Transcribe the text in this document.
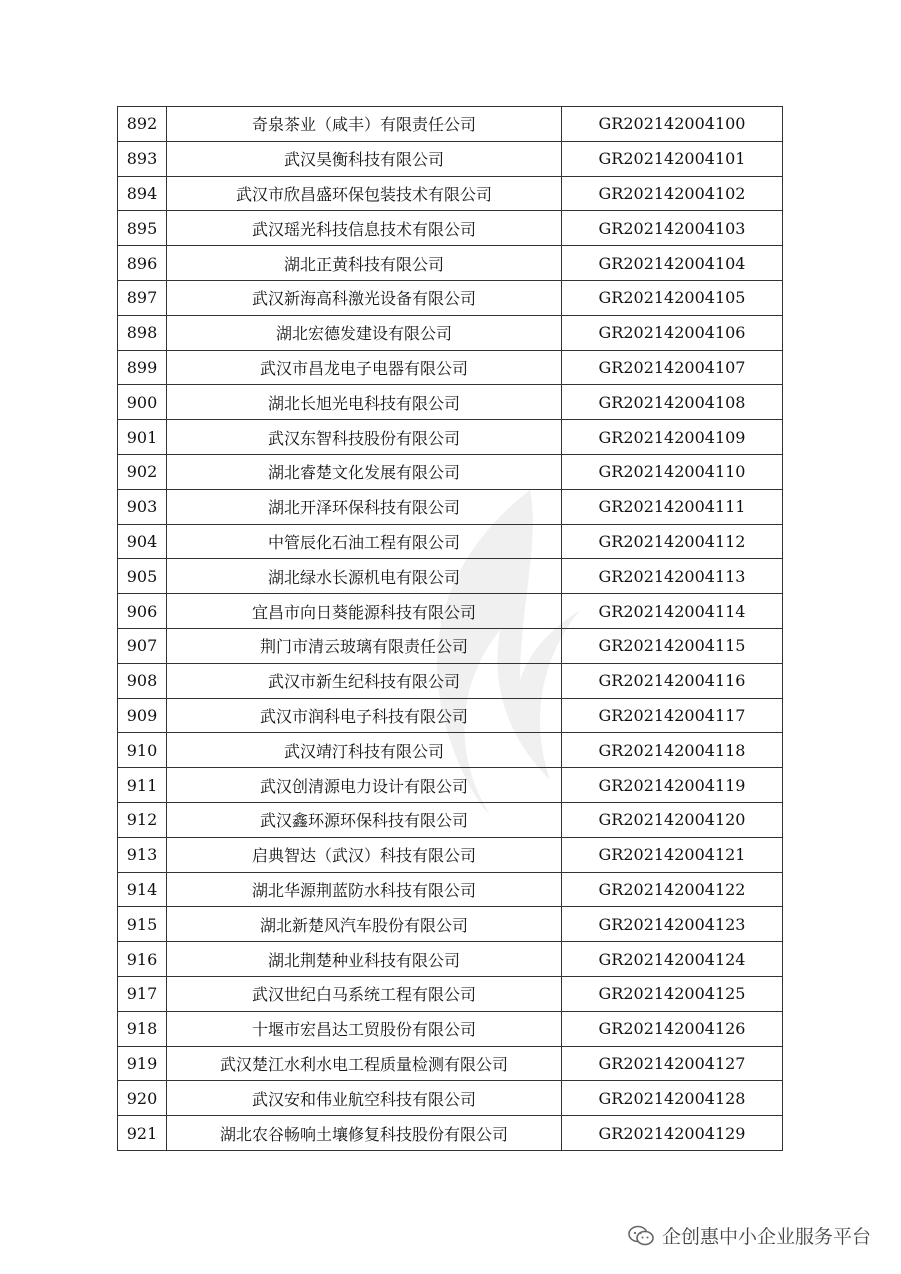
892	奇泉茶业（咸丰）有限责任公司	GR202142004100
893	武汉昊衡科技有限公司	GR202142004101
894	武汉市欣昌盛环保包装技术有限公司	GR202142004102
895	武汉瑶光科技信息技术有限公司	GR202142004103
896	湖北正黄科技有限公司	GR202142004104
897	武汉新海高科激光设备有限公司	GR202142004105
898	湖北宏德发建设有限公司	GR202142004106
899	武汉市昌龙电子电器有限公司	GR202142004107
900	湖北长旭光电科技有限公司	GR202142004108
901	武汉东智科技股份有限公司	GR202142004109
902	湖北睿楚文化发展有限公司	GR202142004110
903	湖北开泽环保科技有限公司	GR202142004111
904	中管辰化石油工程有限公司	GR202142004112
905	湖北绿水长源机电有限公司	GR202142004113
906	宜昌市向日葵能源科技有限公司	GR202142004114
907	荆门市清云玻璃有限责任公司	GR202142004115
908	武汉市新生纪科技有限公司	GR202142004116
909	武汉市润科电子科技有限公司	GR202142004117
910	武汉靖汀科技有限公司	GR202142004118
911	武汉创清源电力设计有限公司	GR202142004119
912	武汉鑫环源环保科技有限公司	GR202142004120
913	启典智达（武汉）科技有限公司	GR202142004121
914	湖北华源荆蓝防水科技有限公司	GR202142004122
915	湖北新楚风汽车股份有限公司	GR202142004123
916	湖北荆楚种业科技有限公司	GR202142004124
917	武汉世纪白马系统工程有限公司	GR202142004125
918	十堰市宏昌达工贸股份有限公司	GR202142004126
919	武汉楚江水利水电工程质量检测有限公司	GR202142004127
920	武汉安和伟业航空科技有限公司	GR202142004128
921	湖北农谷畅响土壤修复科技股份有限公司	GR202142004129
企创惠中小企业服务平台
